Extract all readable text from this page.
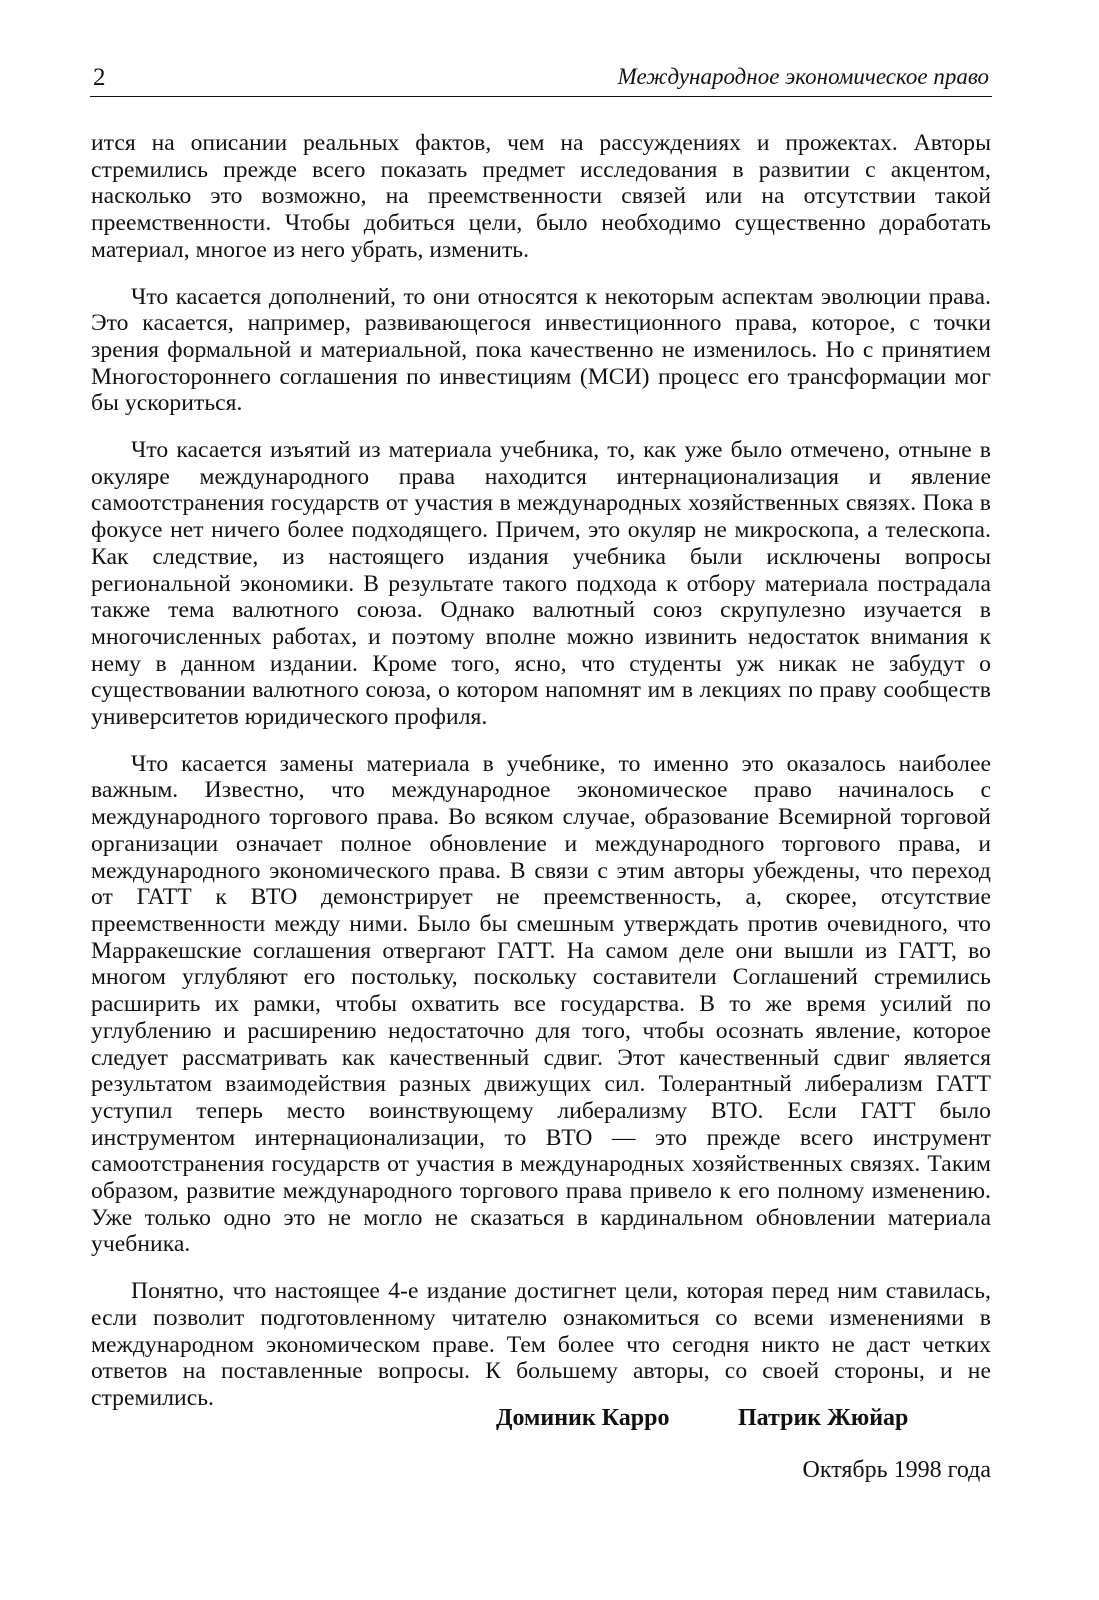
2	Международное экономическое право

ится на описании реальных фактов, чем на рассуждениях и прожектах. Авторы стремились прежде всего показать предмет исследования в развитии с акцентом, насколько это возможно, на преемственности связей или на отсутствии такой преемственности. Чтобы добиться цели, было необходимо существенно доработать материал, многое из него убрать, изменить.

Что касается дополнений, то они относятся к некоторым аспектам эволюции права. Это касается, например, развивающегося инвестиционного права, которое, с точки зрения формальной и материальной, пока качественно не изменилось. Но с принятием Многостороннего соглашения по инвестициям (МСИ) процесс его трансформации мог бы ускориться.

Что касается изъятий из материала учебника, то, как уже было отмечено, отныне в окуляре международного права находится интернационализация и явление самоотстранения государств от участия в международных хозяйственных связях. Пока в фокусе нет ничего более подходящего. Причем, это окуляр не микроскопа, а телескопа. Как следствие, из настоящего издания учебника были исключены вопросы региональной экономики. В результате такого подхода к отбору материала пострадала также тема валютного союза. Однако валютный союз скрупулезно изучается в многочисленных работах, и поэтому вполне можно извинить недостаток внимания к нему в данном издании. Кроме того, ясно, что студенты уж никак не забудут о существовании валютного союза, о котором напомнят им в лекциях по праву сообществ университетов юридического профиля.

Что касается замены материала в учебнике, то именно это оказалось наиболее важным. Известно, что международное экономическое право начиналось с международного торгового права. Во всяком случае, образование Всемирной торговой организации означает полное обновление и международного торгового права, и международного экономического права. В связи с этим авторы убеждены, что переход от ГАТТ к ВТО демонстрирует не преемственность, а, скорее, отсутствие преемственности между ними. Было бы смешным утверждать против очевидного, что Марракешские соглашения отвергают ГАТТ. На самом деле они вышли из ГАТТ, во многом углубляют его постольку, поскольку составители Соглашений стремились расширить их рамки, чтобы охватить все государства. В то же время усилий по углублению и расширению недостаточно для того, чтобы осознать явление, которое следует рассматривать как качественный сдвиг. Этот качественный сдвиг является результатом взаимодействия разных движущих сил. Толерантный либерализм ГАТТ уступил теперь место воинствующему либерализму ВТО. Если ГАТТ было инструментом интернационализации, то ВТО — это прежде всего инструмент самоотстранения государств от участия в международных хозяйственных связях. Таким образом, развитие международного торгового права привело к его полному изменению. Уже только одно это не могло не сказаться в кардинальном обновлении материала учебника.

Понятно, что настоящее 4-е издание достигнет цели, которая перед ним ставилась, если позволит подготовленному читателю ознакомиться со всеми изменениями в международном экономическом праве. Тем более что сегодня никто не даст четких ответов на поставленные вопросы. К большему авторы, со своей стороны, и не стремились.

Доминик Карро	Патрик Жюйар
Октябрь 1998 года
